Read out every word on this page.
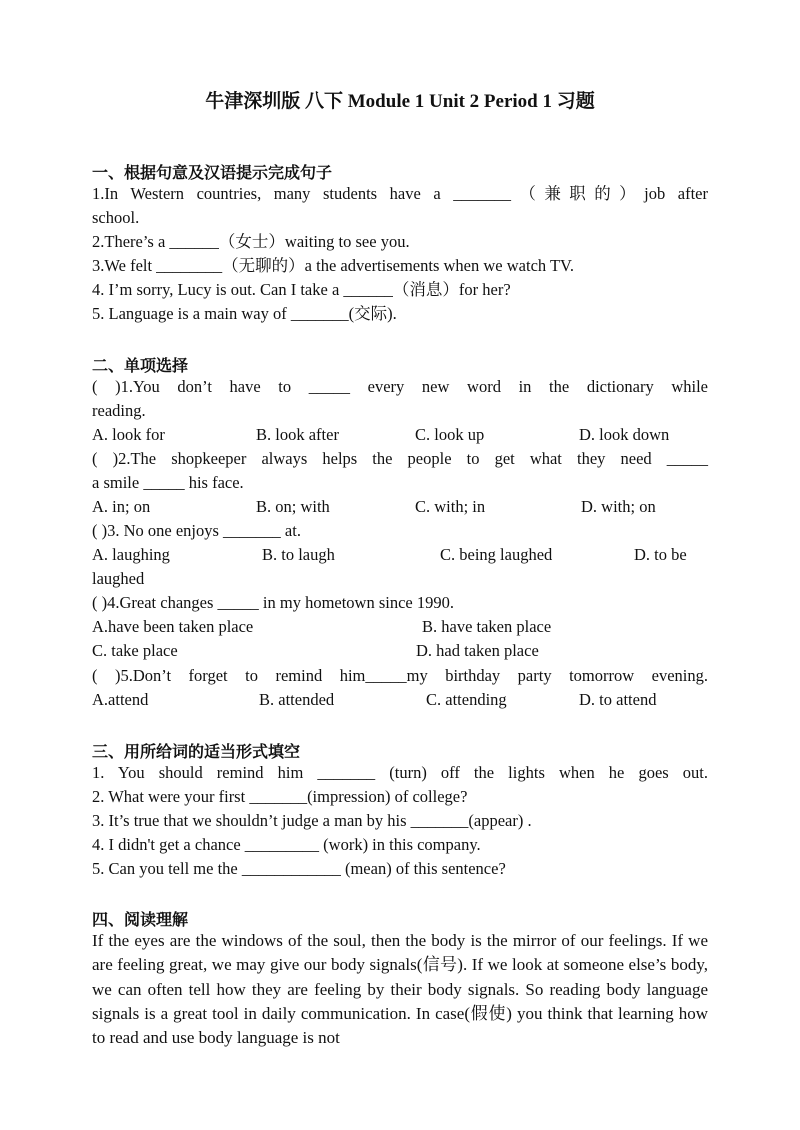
牛津深圳版 八下 Module 1 Unit 2 Period 1 习题
一、根据句意及汉语提示完成句子
1.In Western countries, many students have a _______（兼职的）job after
school.
2.There’s a ______（女士）waiting to see you.
3.We felt ________（无聊的）a the advertisements when we watch TV.
4. I’m sorry, Lucy is out. Can I take a ______（消息）for her?
5. Language is a main way of _______(交际).
二、单项选择
( )1.You don’t have to _____ every new word in the dictionary while
reading.
A. look for	B. look after	C. look up	D. look down
( )2.The shopkeeper always helps the people to get what they need _____
a smile _____ his face.
A. in; on	B. on; with	C. with; in	D. with; on
( )3. No one enjoys _______ at.
A. laughing	B. to laugh	C. being laughed	D. to be
laughed
( )4.Great changes _____ in my hometown since 1990.
A.have been taken place	B. have taken place
C. take place	D. had taken place
( )5.Don’t forget to remind him_____my birthday party tomorrow evening.
A.attend	B. attended	C. attending	D. to attend
三、用所给词的适当形式填空
1. You should remind him _______ (turn) off the lights when he goes out.
2. What were your first _______(impression) of college?
3. It’s true that we shouldn’t judge a man by his _______(appear) .
4. I didn't get a chance _________ (work) in this company.
5. Can you tell me the ____________ (mean) of this sentence?
四、阅读理解
If the eyes are the windows of the soul, then the body is the mirror of our feelings. If we are feeling great, we may give our body signals(信号). If we look at someone else’s body, we can often tell how they are feeling by their body signals. So reading body language signals is a great tool in daily communication. In case(假使) you think that learning how to read and use body language is not
